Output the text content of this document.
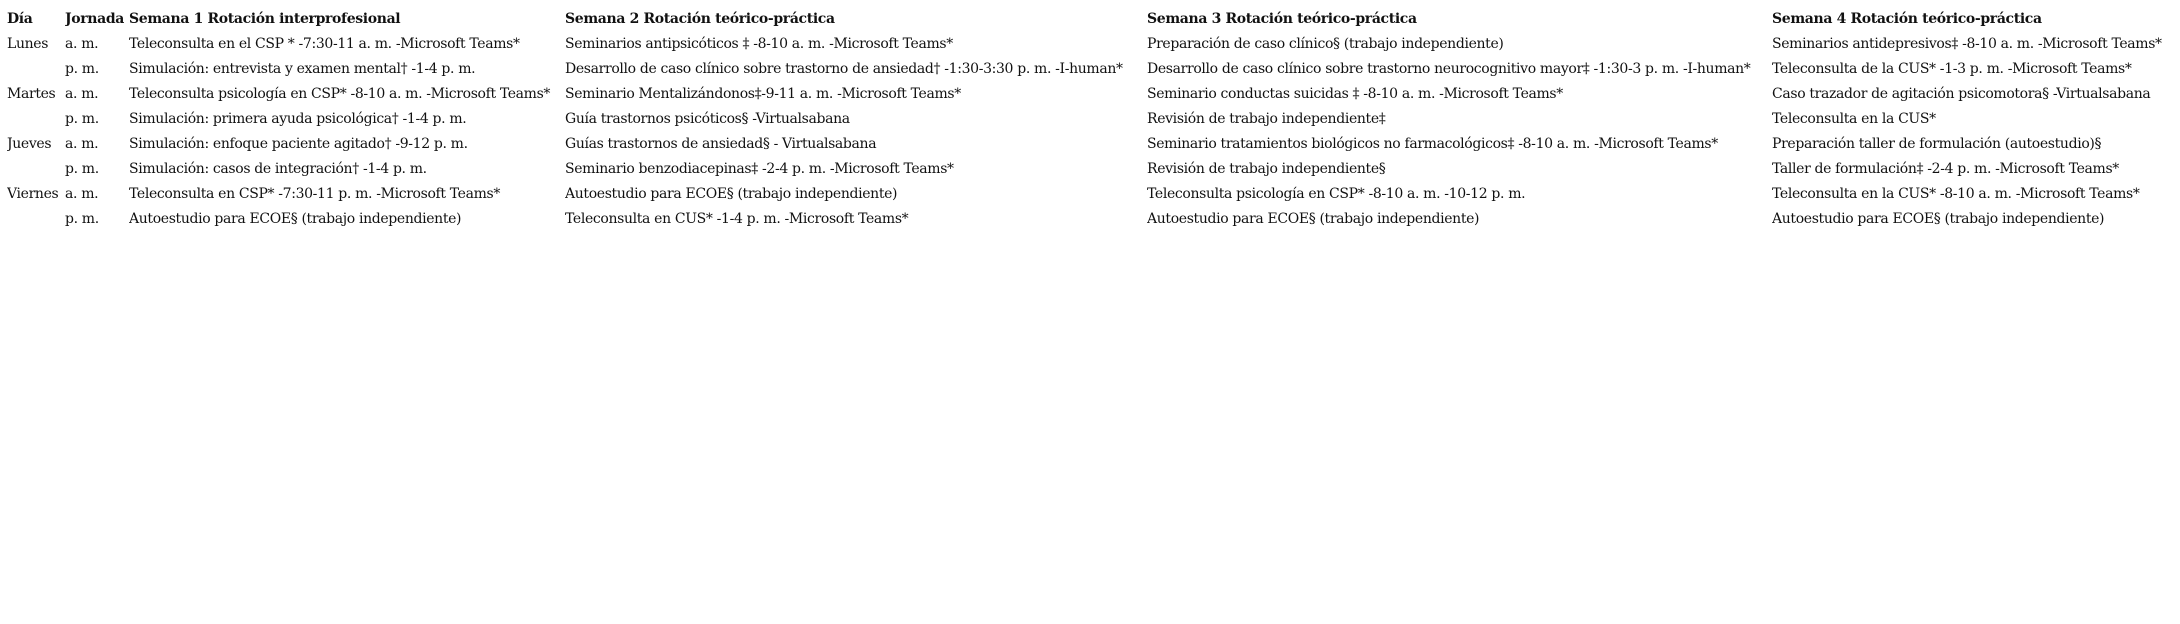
Día	Jornada	Semana 1 Rotación interprofesional	Semana 2 Rotación teórico-práctica	Semana 3 Rotación teórico-práctica	Semana 4 Rotación teórico-práctica
Lunes	a. m.	Teleconsulta en el CSP * -7:30-11 a. m. -Microsoft Teams*	Seminarios antipsicóticos ‡ -8-10 a. m. -Microsoft Teams*	Preparación de caso clínico§ (trabajo independiente)	Seminarios antidepresivos‡ -8-10 a. m. -Microsoft Teams*
	p. m.	Simulación: entrevista y examen mental† -1-4 p. m.	Desarrollo de caso clínico sobre trastorno de ansiedad† -1:30-3:30 p. m. -I-human*	Desarrollo de caso clínico sobre trastorno neurocognitivo mayor‡ -1:30-3 p. m. -I-human*	Teleconsulta de la CUS* -1-3 p. m. -Microsoft Teams*
Martes	a. m.	Teleconsulta psicología en CSP* -8-10 a. m. -Microsoft Teams*	Seminario Mentalizándonos‡-9-11 a. m. -Microsoft Teams*	Seminario conductas suicidas ‡ -8-10 a. m. -Microsoft Teams*	Caso trazador de agitación psicomotora§ -Virtualsabana
	p. m.	Simulación: primera ayuda psicológica† -1-4 p. m.	Guía trastornos psicóticos§ -Virtualsabana	Revisión de trabajo independiente‡	Teleconsulta en la CUS*
Jueves	a. m.	Simulación: enfoque paciente agitado† -9-12 p. m.	Guías trastornos de ansiedad§ - Virtualsabana	Seminario tratamientos biológicos no farmacológicos‡ -8-10 a. m. -Microsoft Teams*	Preparación taller de formulación (autoestudio)§
	p. m.	Simulación: casos de integración† -1-4 p. m.	Seminario benzodiacepinas‡ -2-4 p. m. -Microsoft Teams*	Revisión de trabajo independiente§	Taller de formulación‡ -2-4 p. m. -Microsoft Teams*
Viernes	a. m.	Teleconsulta en CSP* -7:30-11 p. m. -Microsoft Teams*	Autoestudio para ECOE§ (trabajo independiente)	Teleconsulta psicología en CSP* -8-10 a. m. -10-12 p. m.	Teleconsulta en la CUS* -8-10 a. m. -Microsoft Teams*
	p. m.	Autoestudio para ECOE§ (trabajo independiente)	Teleconsulta en CUS* -1-4 p. m. -Microsoft Teams*	Autoestudio para ECOE§ (trabajo independiente)	Autoestudio para ECOE§ (trabajo independiente)
